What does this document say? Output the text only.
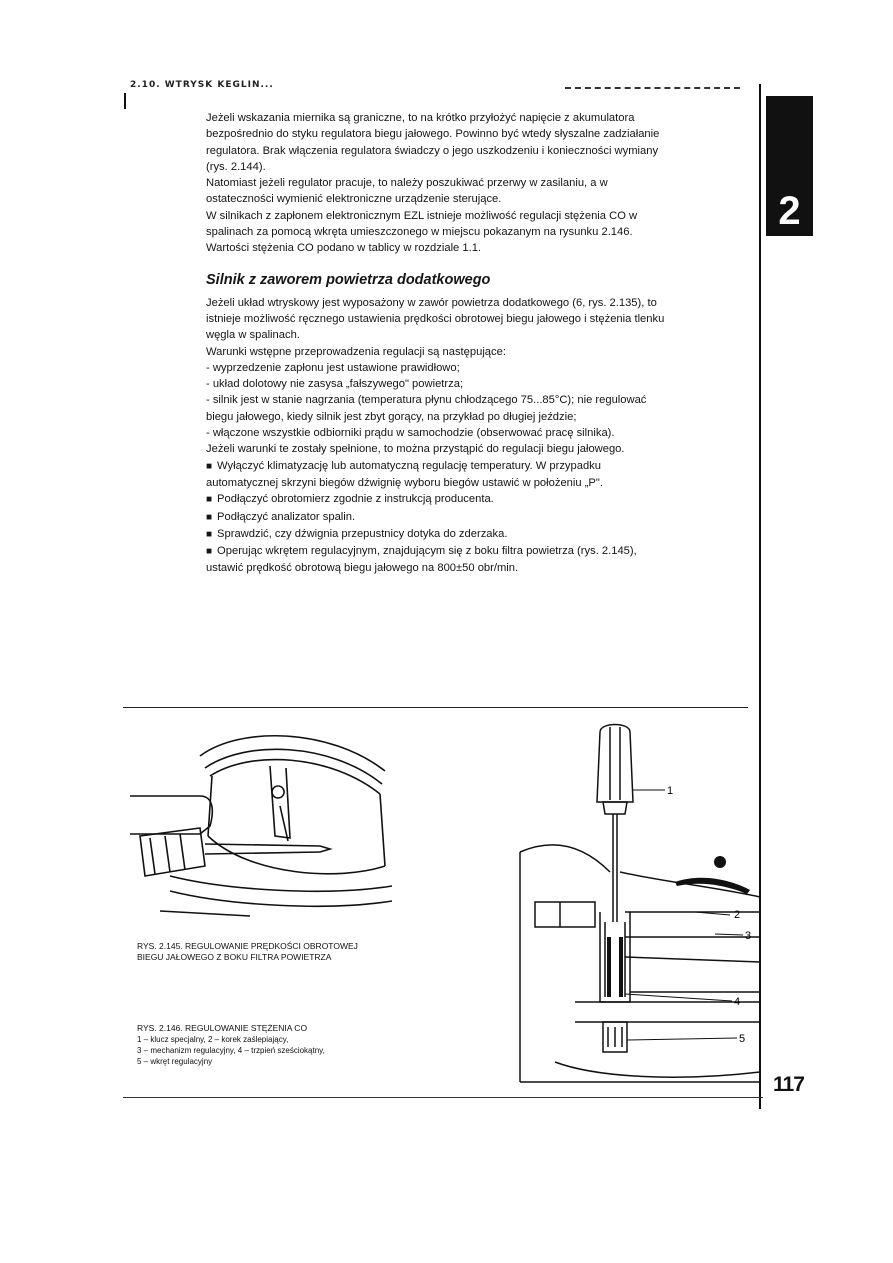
2.10. WTRYSK KEGLIN...
2

Jeżeli wskazania miernika są graniczne, to na krótko przyłożyć napięcie z akumulatora bezpośrednio do styku regulatora biegu jałowego. Powinno być wtedy słyszalne zadziałanie regulatora. Brak włączenia regulatora świadczy o jego uszkodzeniu i konieczności wymiany (rys. 2.144).

Natomiast jeżeli regulator pracuje, to należy poszukiwać przerwy w zasilaniu, a w ostateczności wymienić elektroniczne urządzenie sterujące.

W silnikach z zapłonem elektronicznym EZL istnieje możliwość regulacji stężenia CO w spalinach za pomocą wkręta umieszczonego w miejscu pokazanym na rysunku 2.146. Wartości stężenia CO podano w tablicy w rozdziale 1.1.

Silnik z zaworem powietrza dodatkowego

Jeżeli układ wtryskowy jest wyposażony w zawór powietrza dodatkowego (6, rys. 2.135), to istnieje możliwość ręcznego ustawienia prędkości obrotowej biegu jałowego i stężenia tlenku węgla w spalinach.

Warunki wstępne przeprowadzenia regulacji są następujące:

- wyprzedzenie zapłonu jest ustawione prawidłowo;

- układ dolotowy nie zasysa „fałszywego" powietrza;

- silnik jest w stanie nagrzania (temperatura płynu chłodzącego 75...85°C); nie regulować biegu jałowego, kiedy silnik jest zbyt gorący, na przykład po długiej jeździe;

- włączone wszystkie odbiorniki prądu w samochodzie (obserwować pracę silnika).

Jeżeli warunki te zostały spełnione, to można przystąpić do regulacji biegu jałowego.

■ Wyłączyć klimatyzację lub automatyczną regulację temperatury. W przypadku automatycznej skrzyni biegów dźwignię wyboru biegów ustawić w położeniu „P".

■ Podłączyć obrotomierz zgodnie z instrukcją producenta.

■ Podłączyć analizator spalin.

■ Sprawdzić, czy dźwignia przepustnicy dotyka do zderzaka.

■ Operując wkrętem regulacyjnym, znajdującym się z boku filtra powietrza (rys. 2.145), ustawić prędkość obrotową biegu jałowego na 800±50 obr/min.

RYS. 2.145. REGULOWANIE PRĘDKOŚCI OBROTOWEJ
BIEGU JAŁOWEGO Z BOKU FILTRA POWIETRZA
1
2
3
4
5
RYS. 2.146. REGULOWANIE STĘŻENIA CO
1 – klucz specjalny, 2 – korek zaślepiający,
3 – mechanizm regulacyjny, 4 – trzpień sześciokątny,
5 – wkręt regulacyjny
117
